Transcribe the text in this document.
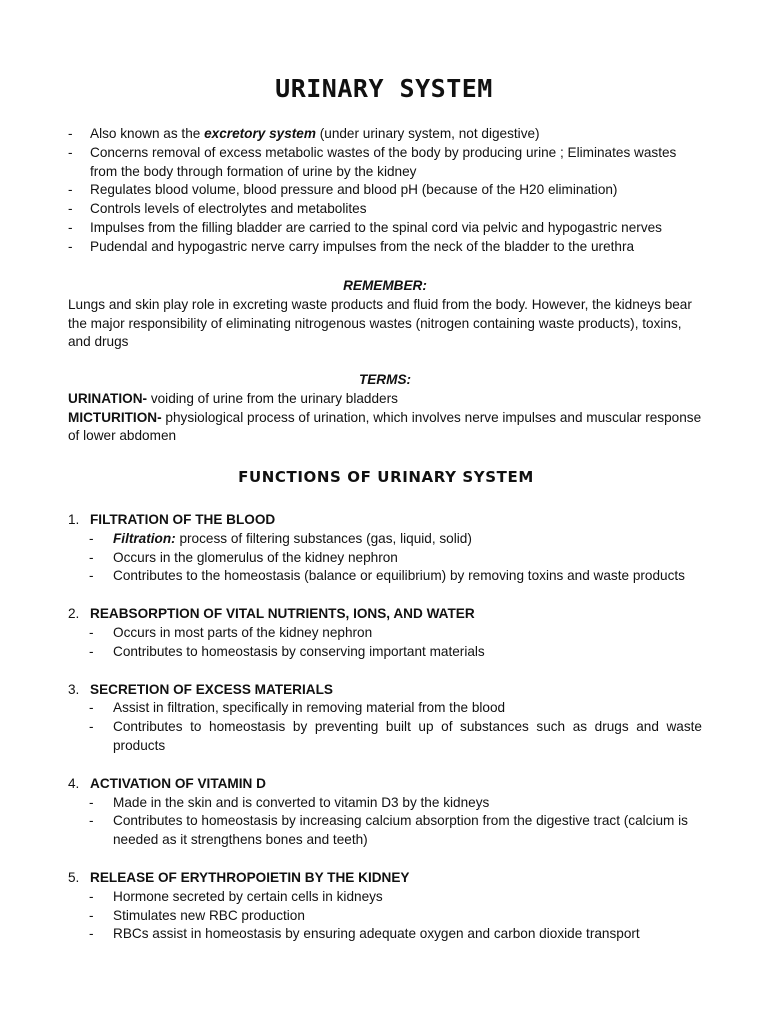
URINARY SYSTEM
- Also known as the excretory system (under urinary system, not digestive)
- Concerns removal of excess metabolic wastes of the body by producing urine ; Eliminates wastes from the body through formation of urine by the kidney
- Regulates blood volume, blood pressure and blood pH (because of the H20 elimination)
- Controls levels of electrolytes and metabolites
- Impulses from the filling bladder are carried to the spinal cord via pelvic and hypogastric nerves
- Pudendal and hypogastric nerve carry impulses from the neck of the bladder to the urethra
REMEMBER:
Lungs and skin play role in excreting waste products and fluid from the body. However, the kidneys bear the major responsibility of eliminating nitrogenous wastes (nitrogen containing waste products), toxins, and drugs
TERMS:
URINATION- voiding of urine from the urinary bladders
MICTURITION- physiological process of urination, which involves nerve impulses and muscular response of lower abdomen
FUNCTIONS OF URINARY SYSTEM
1. FILTRATION OF THE BLOOD
- Filtration: process of filtering substances (gas, liquid, solid)
- Occurs in the glomerulus of the kidney nephron
- Contributes to the homeostasis (balance or equilibrium) by removing toxins and waste products
2. REABSORPTION OF VITAL NUTRIENTS, IONS, AND WATER
- Occurs in most parts of the kidney nephron
- Contributes to homeostasis by conserving important materials
3. SECRETION OF EXCESS MATERIALS
- Assist in filtration, specifically in removing material from the blood
- Contributes to homeostasis by preventing built up of substances such as drugs and waste products
4. ACTIVATION OF VITAMIN D
- Made in the skin and is converted to vitamin D3 by the kidneys
- Contributes to homeostasis by increasing calcium absorption from the digestive tract (calcium is needed as it strengthens bones and teeth)
5. RELEASE OF ERYTHROPOIETIN BY THE KIDNEY
- Hormone secreted by certain cells in kidneys
- Stimulates new RBC production
- RBCs assist in homeostasis by ensuring adequate oxygen and carbon dioxide transport
